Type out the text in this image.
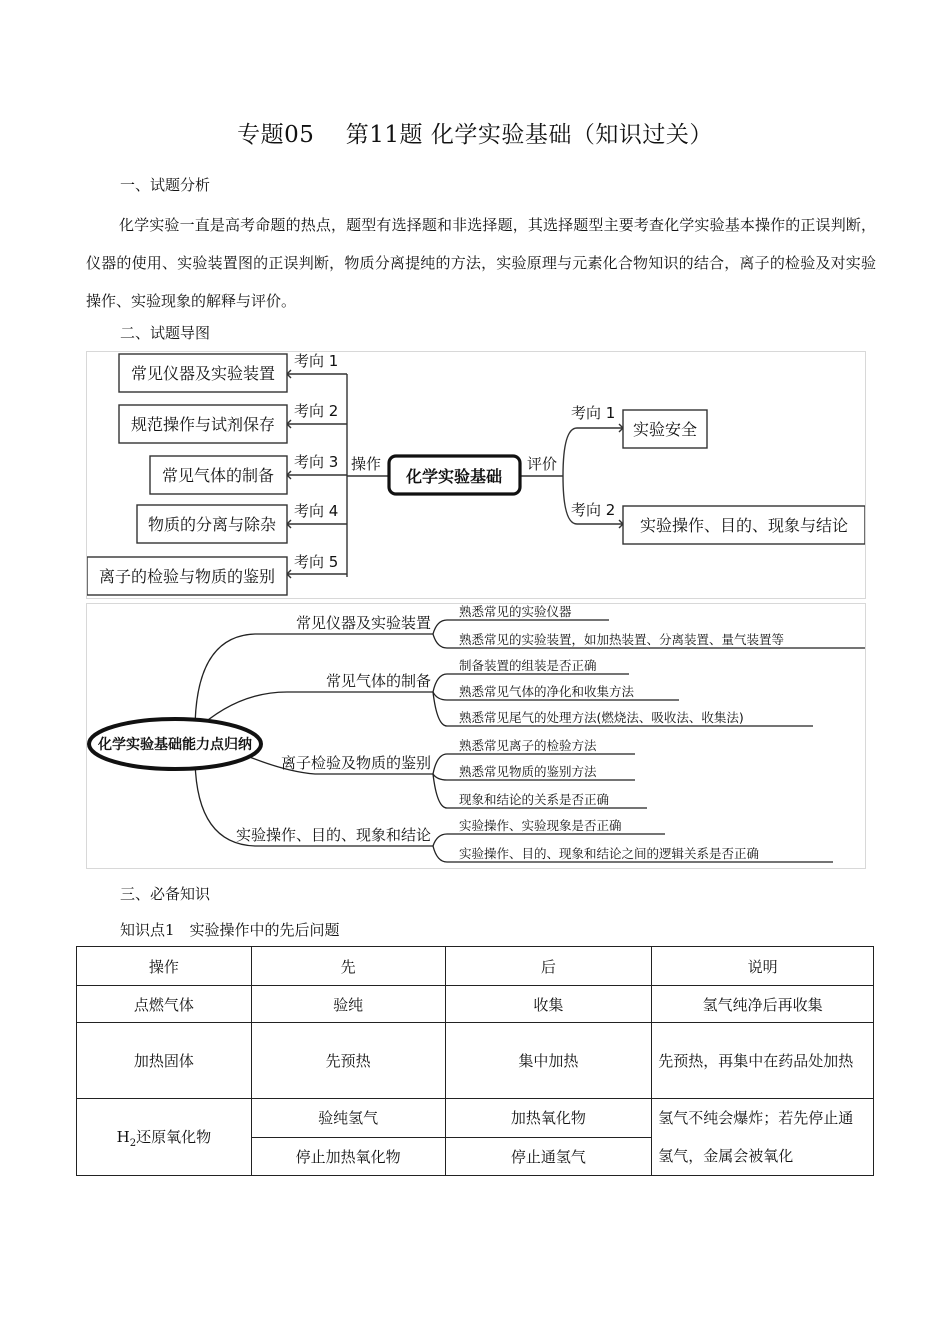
专题05　 第11题 化学实验基础（知识过关）
一、试题分析
化学实验一直是高考命题的热点，题型有选择题和非选择题，其选择题型主要考查化学实验基本操作的正误判断，仪器的使用、实验装置图的正误判断，物质分离提纯的方法，实验原理与元素化合物知识的结合，离子的检验及对实验操作、实验现象的解释与评价。
二、试题导图
常见仪器及实验装置
规范操作与试剂保存
常见气体的制备
物质的分离与除杂
离子的检验与物质的鉴别
实验安全
实验操作、目的、现象与结论
化学实验基础
考向 1
考向 2
考向 3
考向 4
考向 5
操作	评价
考向 1
考向 2
化学实验基础能力点归纳
常见仪器及实验装置
常见气体的制备
离子检验及物质的鉴别
实验操作、目的、现象和结论
熟悉常见的实验仪器
熟悉常见的实验装置，如加热装置、分离装置、量气装置等
制备装置的组装是否正确
熟悉常见气体的净化和收集方法
熟悉常见尾气的处理方法(燃烧法、吸收法、收集法)
熟悉常见离子的检验方法
熟悉常见物质的鉴别方法
现象和结论的关系是否正确
实验操作、实验现象是否正确
实验操作、目的、现象和结论之间的逻辑关系是否正确
三、必备知识
知识点1　实验操作中的先后问题
操作	先	后	说明
点燃气体	验纯	收集	氢气纯净后再收集
加热固体	先预热	集中加热	先预热，再集中在药品处加热
$H_2$还原氧化物	验纯氢气	加热氧化物	氢气不纯会爆炸；若先停止通氢气，金属会被氧化
	停止加热氧化物	停止通氢气	
